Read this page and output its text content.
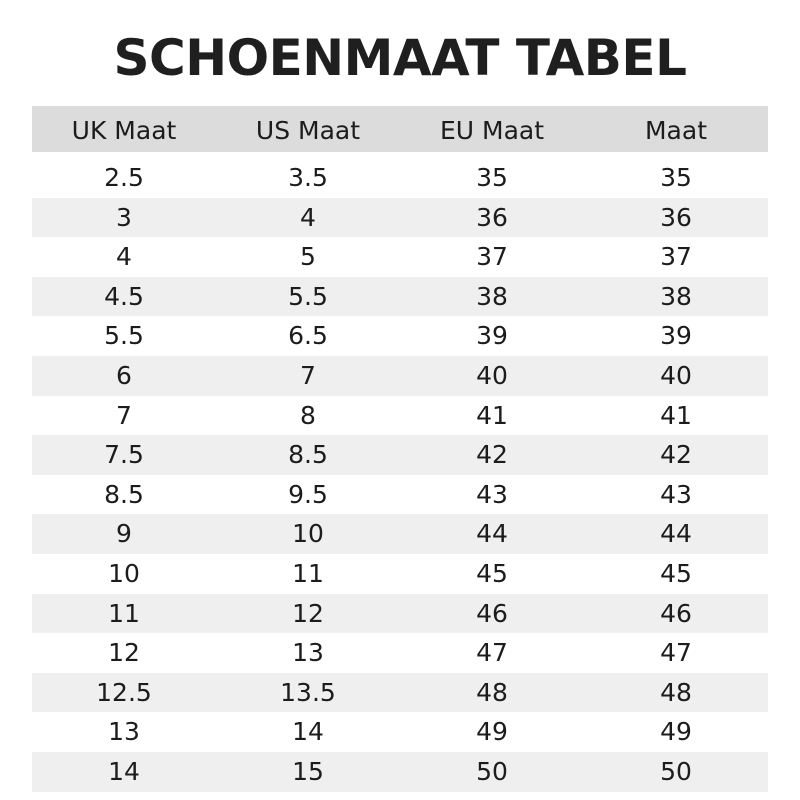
SCHOENMAAT TABEL
UK Maat	US Maat	EU Maat	Maat
2.5	3.5	35	35
3	4	36	36
4	5	37	37
4.5	5.5	38	38
5.5	6.5	39	39
6	7	40	40
7	8	41	41
7.5	8.5	42	42
8.5	9.5	43	43
9	10	44	44
10	11	45	45
11	12	46	46
12	13	47	47
12.5	13.5	48	48
13	14	49	49
14	15	50	50
